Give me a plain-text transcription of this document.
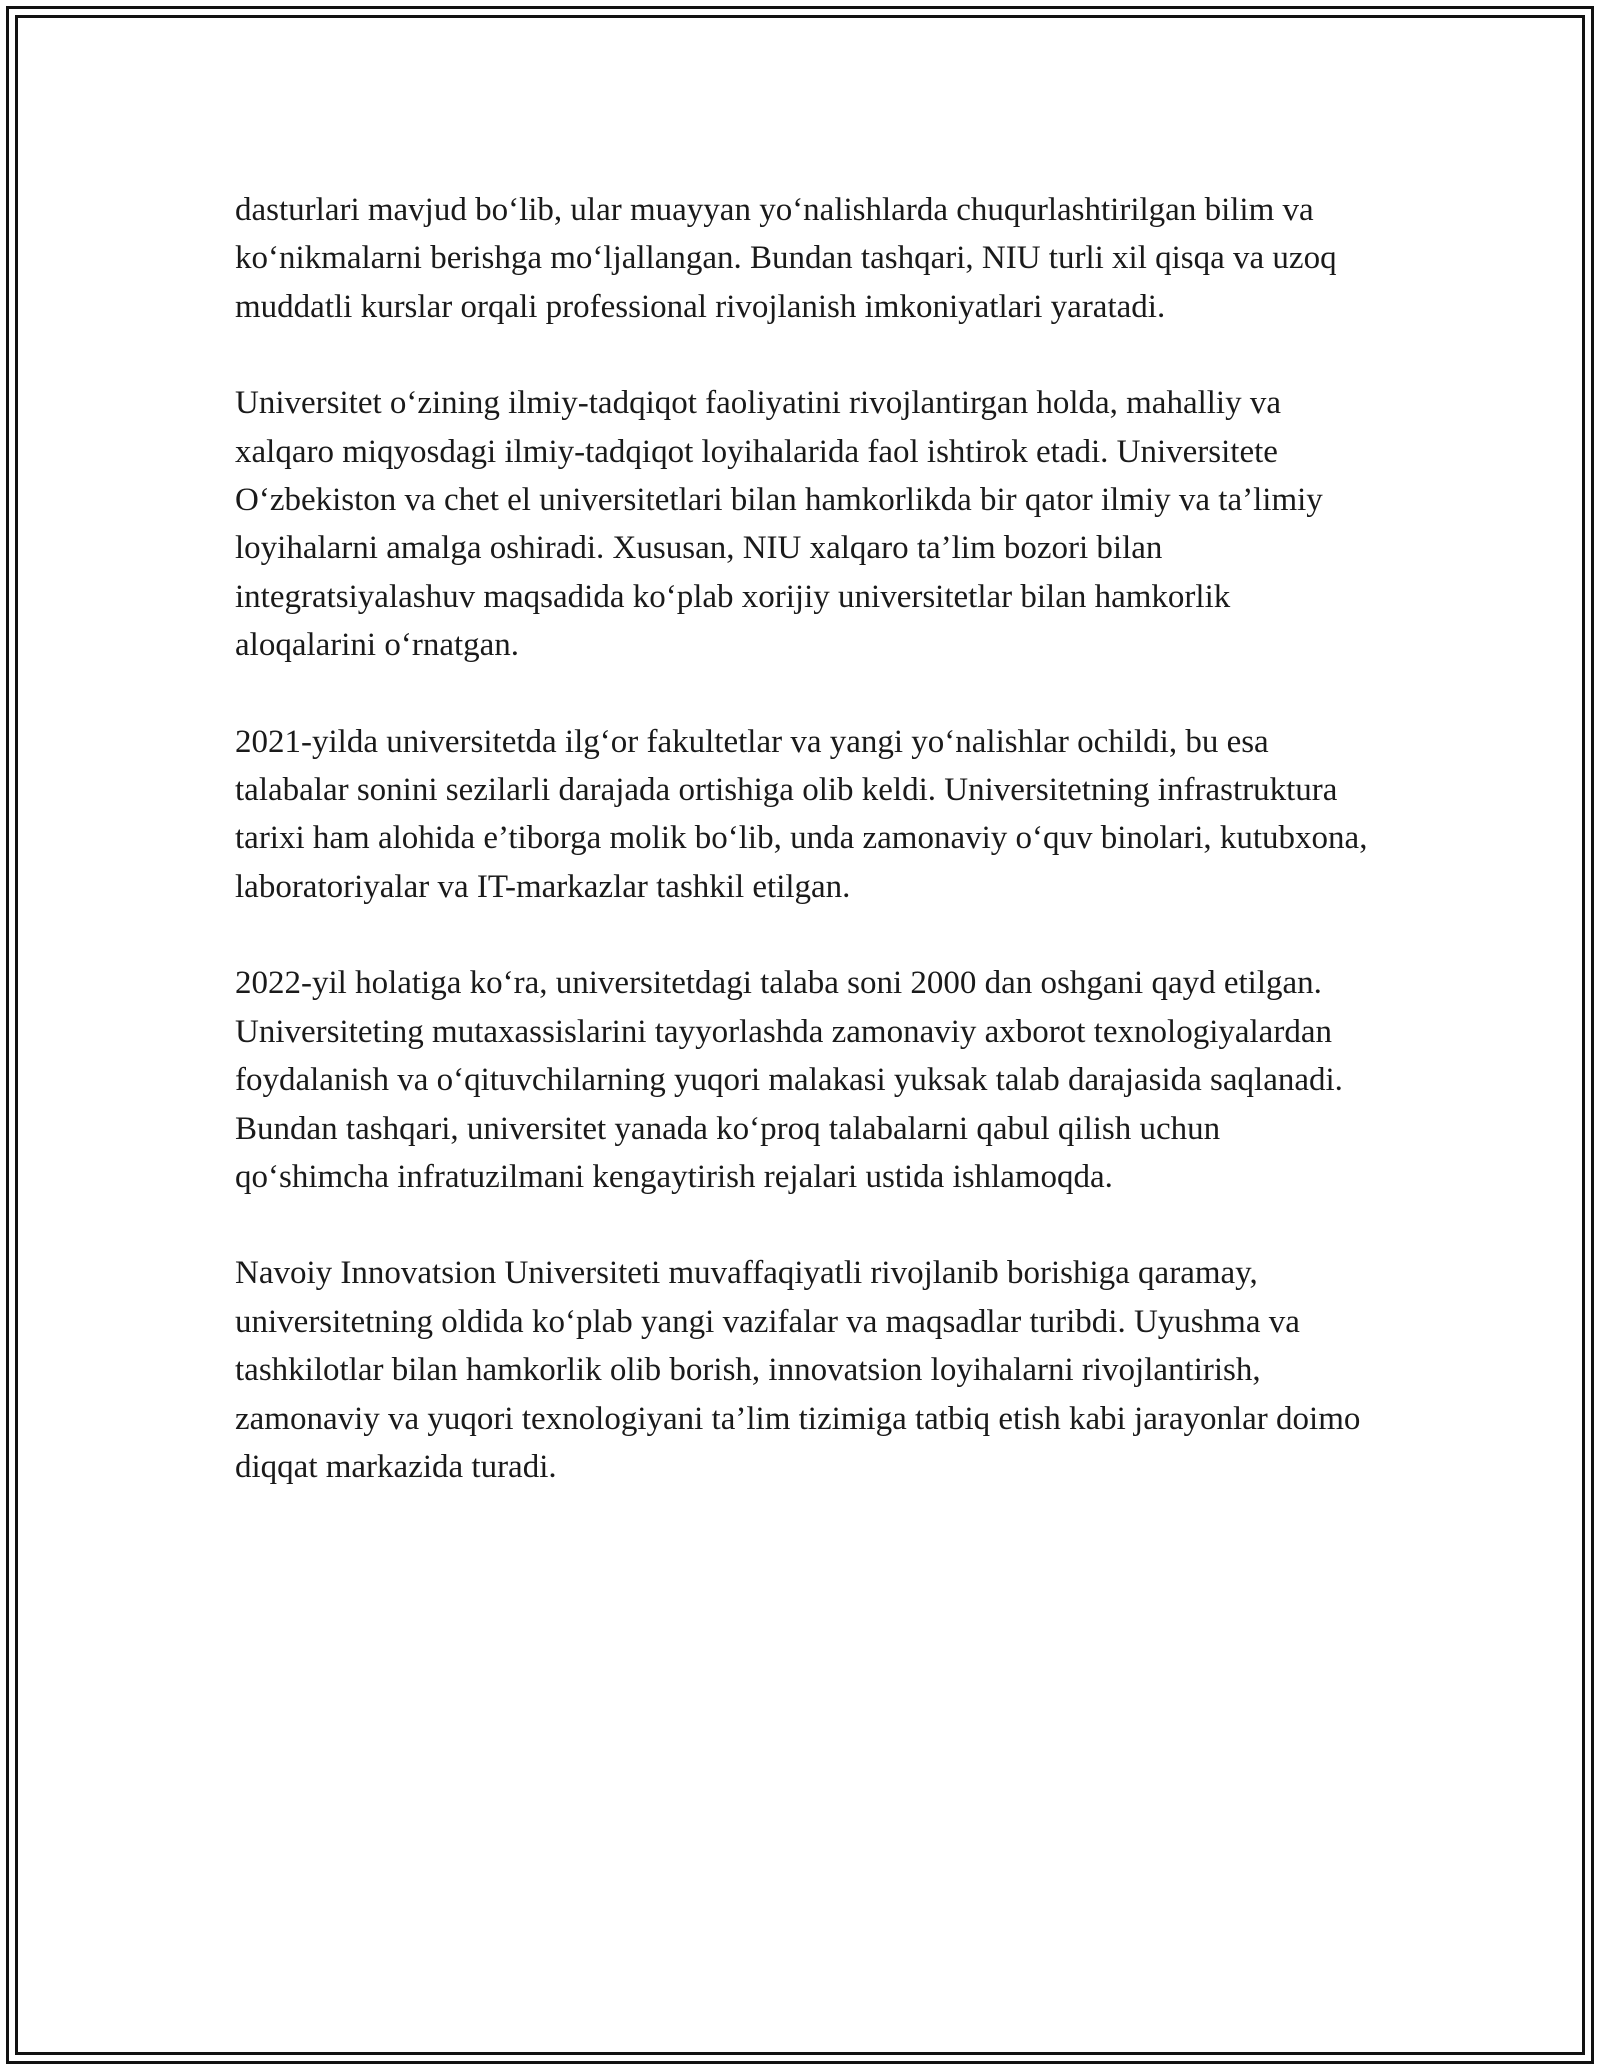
dasturlari mavjud bo‘lib, ular muayyan yo‘nalishlarda chuqurlashtirilgan bilim va ko‘nikmalarni berishga mo‘ljallangan. Bundan tashqari, NIU turli xil qisqa va uzoq muddatli kurslar orqali professional rivojlanish imkoniyatlari yaratadi.

Universitet o‘zining ilmiy-tadqiqot faoliyatini rivojlantirgan holda, mahalliy va xalqaro miqyosdagi ilmiy-tadqiqot loyihalarida faol ishtirok etadi. Universitete O‘zbekiston va chet el universitetlari bilan hamkorlikda bir qator ilmiy va ta’limiy loyihalarni amalga oshiradi. Xususan, NIU xalqaro ta’lim bozori bilan integratsiyalashuv maqsadida ko‘plab xorijiy universitetlar bilan hamkorlik aloqalarini o‘rnatgan.

2021-yilda universitetda ilg‘or fakultetlar va yangi yo‘nalishlar ochildi, bu esa talabalar sonini sezilarli darajada ortishiga olib keldi. Universitetning infrastruktura tarixi ham alohida e’tiborga molik bo‘lib, unda zamonaviy o‘quv binolari, kutubxona, laboratoriyalar va IT-markazlar tashkil etilgan.

2022-yil holatiga ko‘ra, universitetdagi talaba soni 2000 dan oshgani qayd etilgan. Universiteting mutaxassislarini tayyorlashda zamonaviy axborot texnologiyalardan foydalanish va o‘qituvchilarning yuqori malakasi yuksak talab darajasida saqlanadi. Bundan tashqari, universitet yanada ko‘proq talabalarni qabul qilish uchun qo‘shimcha infratuzilmani kengaytirish rejalari ustida ishlamoqda.

Navoiy Innovatsion Universiteti muvaffaqiyatli rivojlanib borishiga qaramay, universitetning oldida ko‘plab yangi vazifalar va maqsadlar turibdi. Uyushma va tashkilotlar bilan hamkorlik olib borish, innovatsion loyihalarni rivojlantirish, zamonaviy va yuqori texnologiyani ta’lim tizimiga tatbiq etish kabi jarayonlar doimo diqqat markazida turadi.
